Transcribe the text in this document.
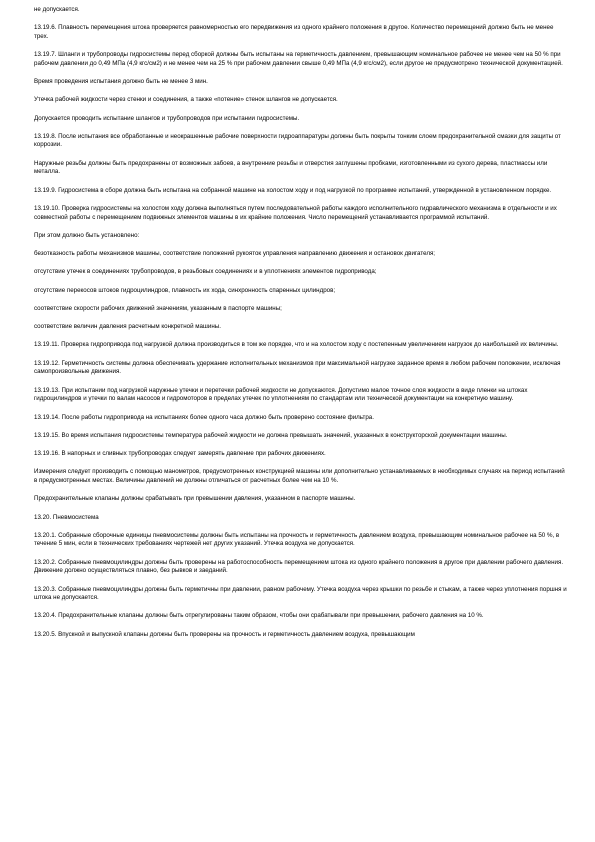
не допускается.

13.19.6. Плавность перемещения штока проверяется равномерностью его передвижения из одного крайнего положения в другое. Количество перемещений должно быть не менее трех.

13.19.7. Шланги и трубопроводы гидросистемы перед сборкой должны быть испытаны на герметичность давлением, превышающим номинальное рабочее не менее чем на 50 % при рабочем давлении до 0,49 МПа (4,9 кгс/см2) и не менее чем на 25 % при рабочем давлении свыше 0,49 МПа (4,9 кгс/см2), если другое не предусмотрено технической документацией.

Время проведения испытания должно быть не менее 3 мин.

Утечка рабочей жидкости через стенки и соединения, а также «потение» стенок шлангов не допускается.

Допускается проводить испытание шлангов и трубопроводов при испытании гидросистемы.

13.19.8. После испытания все обработанные и неокрашенные рабочие поверхности гидроаппаратуры должны быть покрыты тонким слоем предохранительной смазки для защиты от коррозии.

Наружные резьбы должны быть предохранены от возможных забоев, а внутренние резьбы и отверстия заглушены пробками, изготовленными из сухого дерева, пластмассы или металла.

13.19.9. Гидросистема в сборе должна быть испытана на собранной машине на холостом ходу и под нагрузкой по программе испытаний, утвержденной в установленном порядке.

13.19.10. Проверка гидросистемы на холостом ходу должна выполняться путем последовательной работы каждого исполнительного гидравлического механизма в отдельности и их совместной работы с перемещением подвижных элементов машины в их крайние положения. Число перемещений устанавливается программой испытаний.

При этом должно быть установлено:

безотказность работы механизмов машины, соответствие положений рукояток управления направлению движения и остановок двигателя;

отсутствие утечек в соединениях трубопроводов, в резьбовых соединениях и в уплотнениях элементов гидропривода;

отсутствие перекосов штоков гидроцилиндров, плавность их хода, синхронность спаренных цилиндров;

соответствие скорости рабочих движений значениям, указанным в паспорте машины;

соответствие величин давления расчетным конкретной машины.

13.19.11. Проверка гидропривода под нагрузкой должна производиться в том же порядке, что и на холостом ходу с постепенным увеличением нагрузок до наибольшей их величины.

13.19.12. Герметичность системы должна обеспечивать удержание исполнительных механизмов при максимальной нагрузке заданное время в любом рабочем положении, исключая самопроизвольные движения.

13.19.13. При испытании под нагрузкой наружные утечки и перетечки рабочей жидкости не допускаются. Допустимо малое точное слоя жидкости в виде пленки на штоках гидроцилиндров и утечки по валам насосов и гидромоторов в пределах утечек по уплотнениям по стандартам или технической документации на конкретную машину.

13.19.14. После работы гидропривода на испытаниях более одного часа должно быть проверено состояние фильтра.

13.19.15. Во время испытания гидросистемы температура рабочей жидкости не должна превышать значений, указанных в конструкторской документации машины.

13.19.16. В напорных и сливных трубопроводах следует замерять давление при рабочих движениях.

Измерения следует производить с помощью манометров, предусмотренных конструкцией машины или дополнительно устанавливаемых в необходимых случаях на период испытаний в предусмотренных местах. Величины давлений не должны отличаться от расчетных более чем на 10 %.

Предохранительные клапаны должны срабатывать при превышении давления, указанном в паспорте машины.

13.20. Пневмосистема

13.20.1. Собранные сборочные единицы пневмосистемы должны быть испытаны на прочность и герметичность давлением воздуха, превышающим номинальное рабочее на 50 %, в течение 5 мин, если в технических требованиях чертежей нет других указаний. Утечка воздуха не допускается.

13.20.2. Собранные пневмоцилиндры должны быть проверены на работоспособность перемещением штока из одного крайнего положения в другое при давлении рабочего давления. Движение должно осуществляться плавно, без рывков и заеданий.

13.20.3. Собранные пневмоцилиндры должны быть герметичны при давлении, равном рабочему. Утечка воздуха через крышки по резьбе и стыкам, а также через уплотнения поршня и штока не допускается.

13.20.4. Предохранительные клапаны должны быть отрегулированы таким образом, чтобы они срабатывали при превышении, рабочего давления на 10 %.

13.20.5. Впускной и выпускной клапаны должны быть проверены на прочность и герметичность давлением воздуха, превышающим
